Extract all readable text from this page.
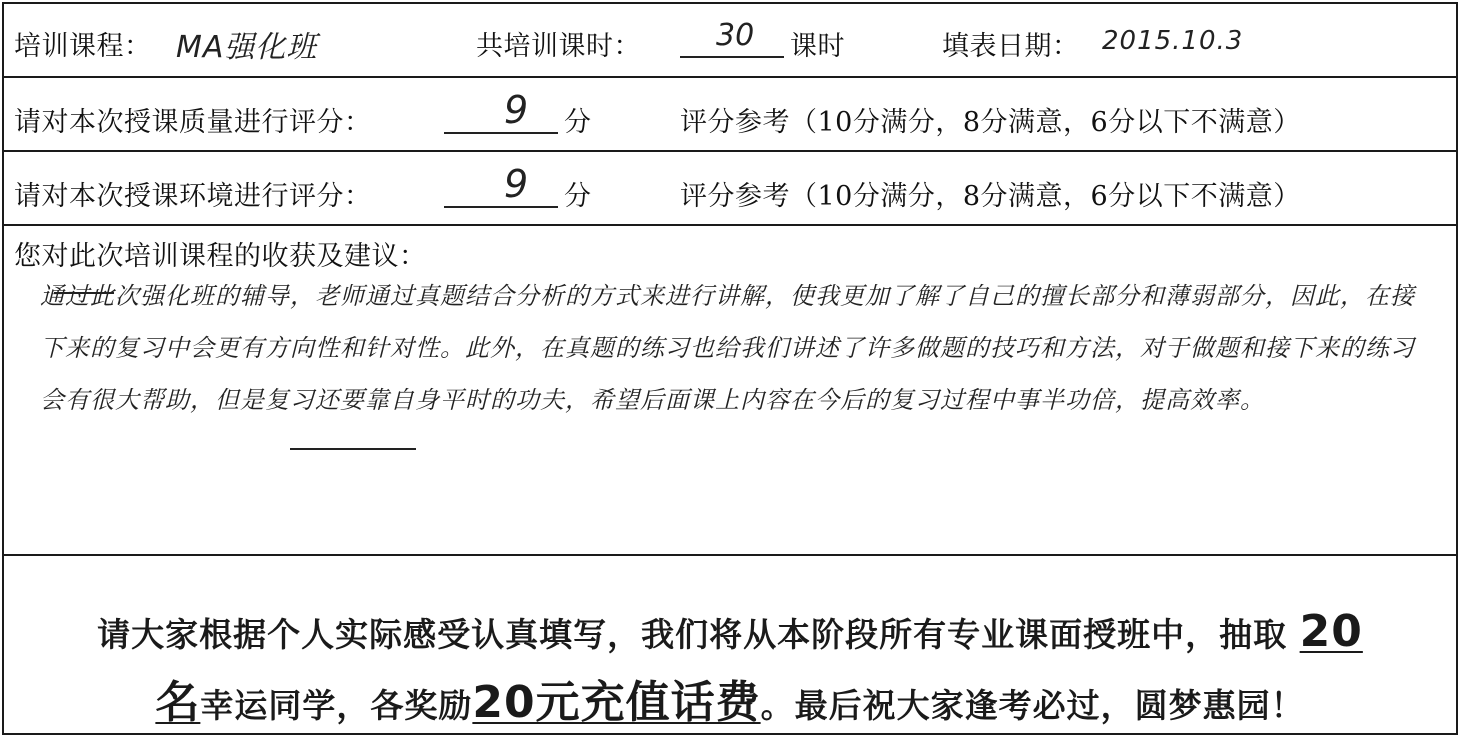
培训课程： MA强化班	共培训课时：	30 课时	填表日期： 2015.10.3
请对本次授课质量进行评分：	9 分	评分参考（10分满分，8分满意，6分以下不满意）
请对本次授课环境进行评分：	9 分	评分参考（10分满分，8分满意，6分以下不满意）
您对此次培训课程的收获及建议：
通过此次强化班的辅导，老师通过真题结合分析的方式来进行讲解，使我更加了解了自己的擅长部分和薄弱部分，因此，在接下来的复习中会更有方向性和针对性。此外，在真题的练习也给我们讲述了许多做题的技巧和方法，对于做题和接下来的练习会有很大帮助，但是复习还要靠自身平时的功夫，希望后面课上内容在今后的复习过程中事半功倍，提高效率。
请大家根据个人实际感受认真填写，我们将从本阶段所有专业课面授班中，抽取 20
名幸运同学，各奖励20元充值话费。最后祝大家逢考必过，圆梦惠园！
